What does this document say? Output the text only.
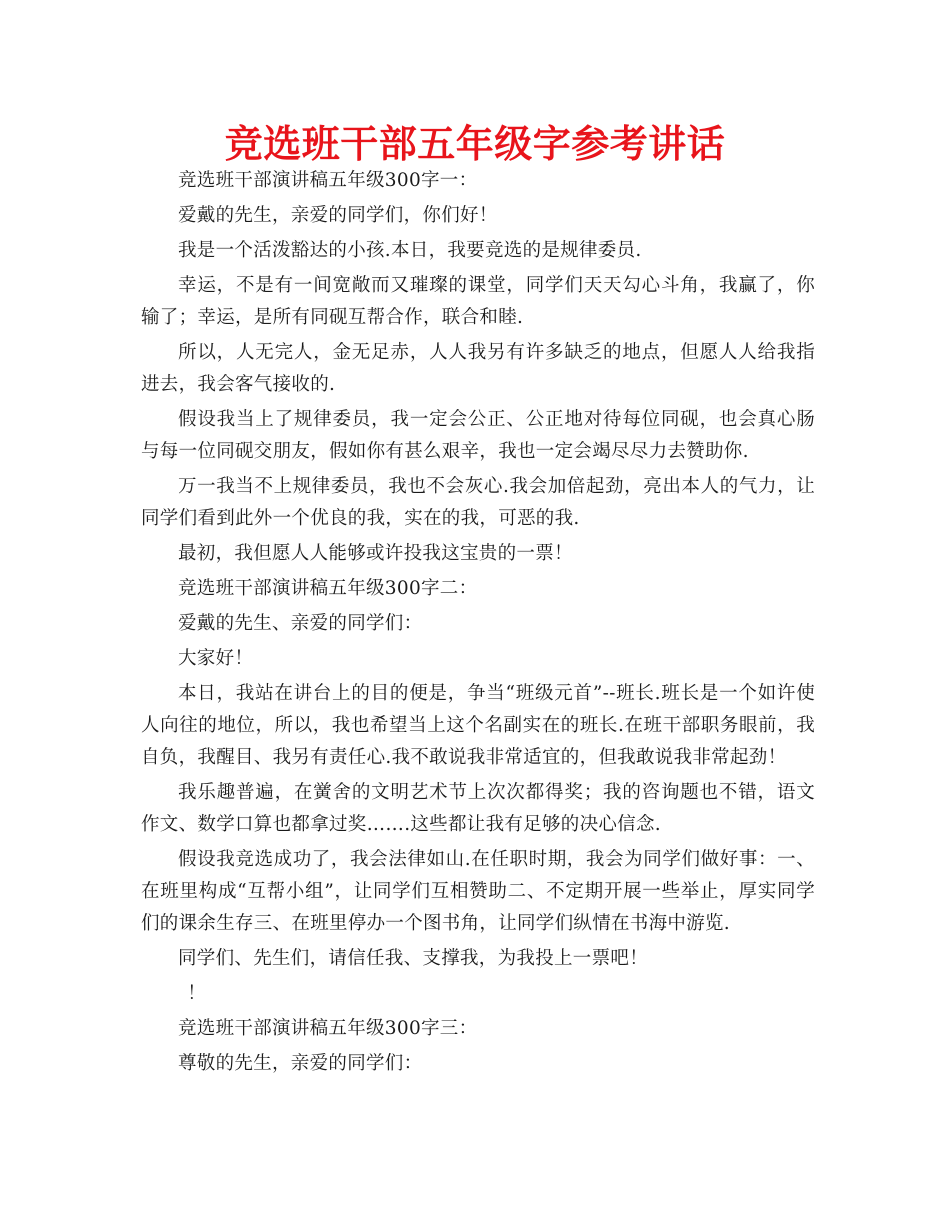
竞选班干部五年级字参考讲话

竞选班干部演讲稿五年级300字一：

爱戴的先生，亲爱的同学们，你们好！

我是一个活泼豁达的小孩.本日，我要竞选的是规律委员.

幸运，不是有一间宽敞而又璀璨的课堂，同学们天天勾心斗角，我赢了，你输了；幸运，是所有同砚互帮合作，联合和睦.

所以，人无完人，金无足赤，人人我另有许多缺乏的地点，但愿人人给我指进去，我会客气接收的.

假设我当上了规律委员，我一定会公正、公正地对待每位同砚，也会真心肠与每一位同砚交朋友，假如你有甚么艰辛，我也一定会竭尽尽力去赞助你.

万一我当不上规律委员，我也不会灰心.我会加倍起劲，亮出本人的气力，让同学们看到此外一个优良的我，实在的我，可恶的我.

最初，我但愿人人能够或许投我这宝贵的一票！

竞选班干部演讲稿五年级300字二：

爱戴的先生、亲爱的同学们：

大家好！

本日，我站在讲台上的目的便是，争当“班级元首”--班长.班长是一个如许使人向往的地位，所以，我也希望当上这个名副实在的班长.在班干部职务眼前，我自负，我醒目、我另有责任心.我不敢说我非常适宜的，但我敢说我非常起劲！

我乐趣普遍，在黉舍的文明艺术节上次次都得奖；我的咨询题也不错，语文作文、数学口算也都拿过奖…….这些都让我有足够的决心信念.

假设我竞选成功了，我会法律如山.在任职时期，我会为同学们做好事：一、在班里构成“互帮小组”，让同学们互相赞助二、不定期开展一些举止，厚实同学们的课余生存三、在班里停办一个图书角，让同学们纵情在书海中游览.

同学们、先生们，请信任我、支撑我，为我投上一票吧！

！

竞选班干部演讲稿五年级300字三：

尊敬的先生，亲爱的同学们：
